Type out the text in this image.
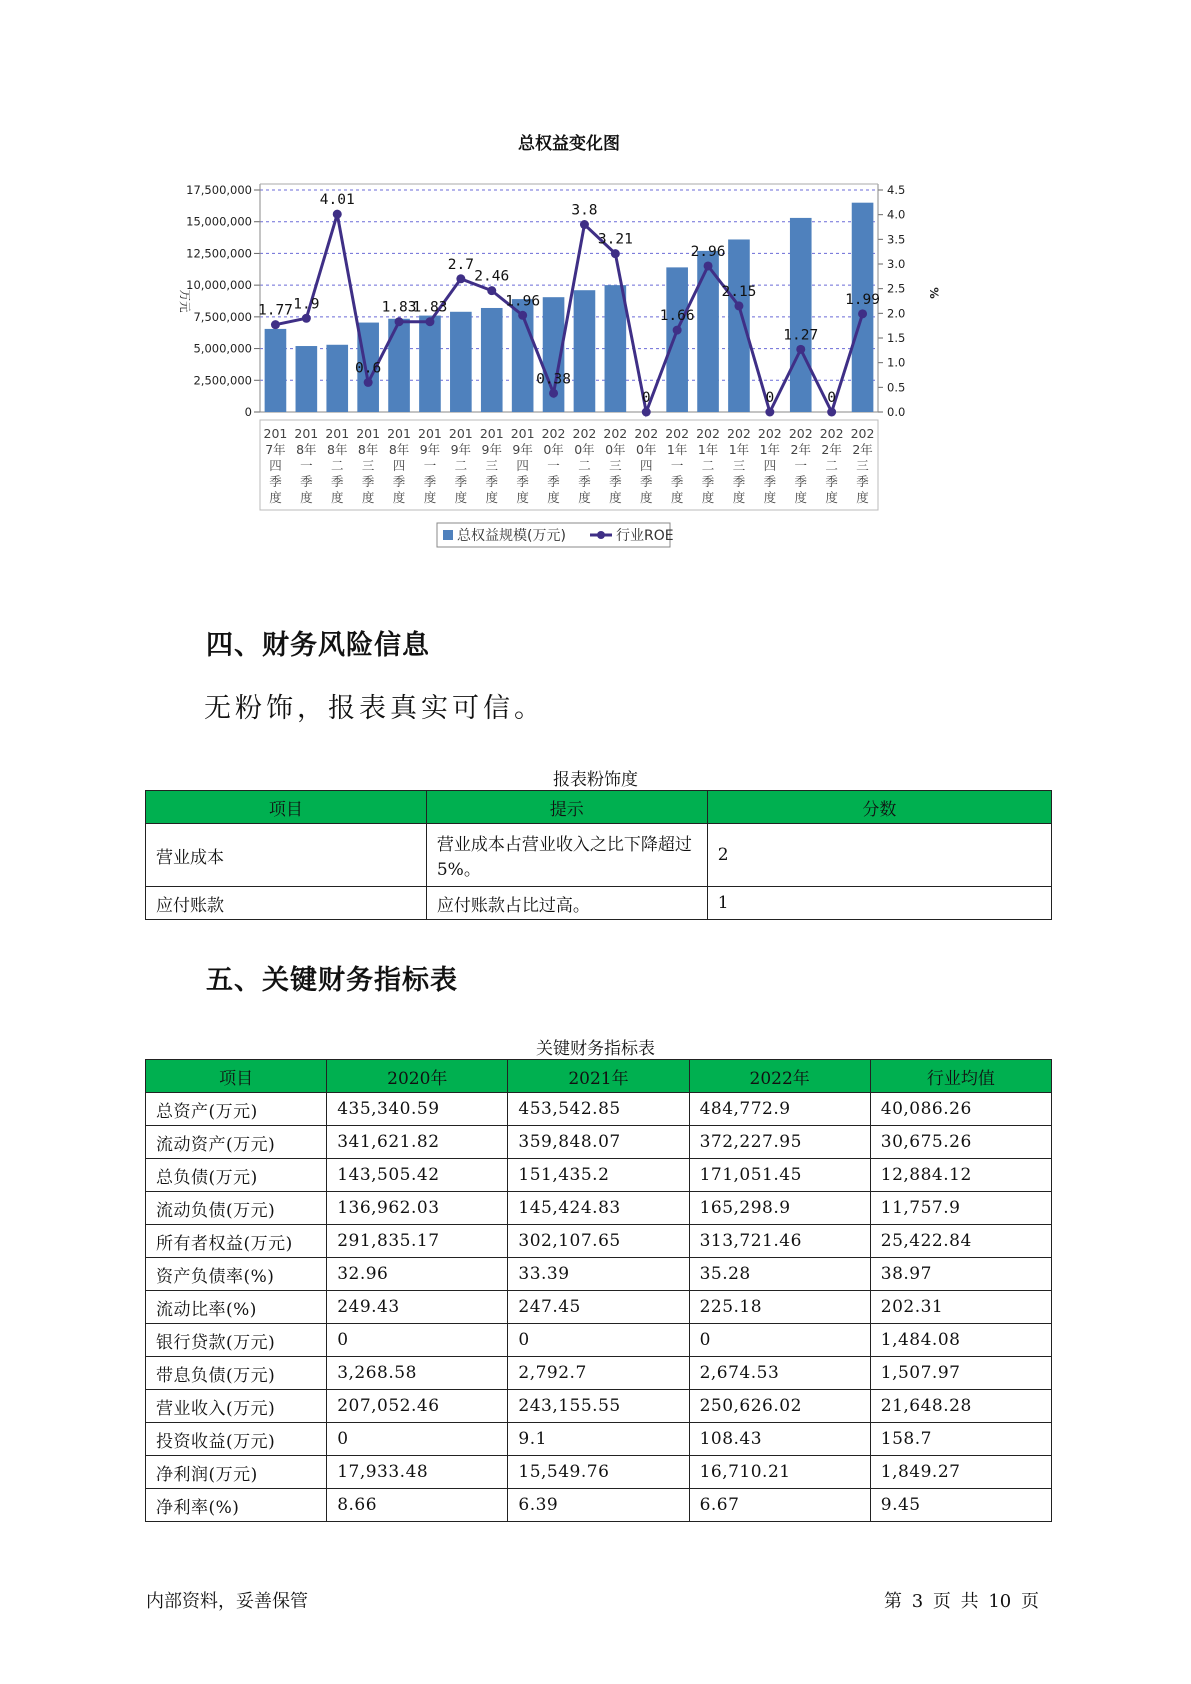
总权益变化图
0
2,500,000
5,000,000
7,500,000
10,000,000
12,500,000
15,000,000
17,500,000
0.0
0.5
1.0
1.5
2.0
2.5
3.0
3.5
4.0
4.5
万元	%
201
7年
四
季
度
201
8年
一
季
度
201
8年
二
季
度
201
8年
三
季
度
201
8年
四
季
度
201
9年
一
季
度
201
9年
二
季
度
201
9年
三
季
度
201
9年
四
季
度
202
0年
一
季
度
202
0年
二
季
度
202
0年
三
季
度
202
0年
四
季
度
202
1年
一
季
度
202
1年
二
季
度
202
1年
三
季
度
202
1年
四
季
度
202
2年
一
季
度
202
2年
二
季
度
202
2年
三
季
度
1.77 1.9
4.01
0.6
1.83
1.83
2.7
2.46
1.96
0.38
3.8
3.21
0
1.66
2.96
2.15
0
1.27
0
1.99
总权益规模(万元)	行业ROE
四、财务风险信息

无粉饰，报表真实可信。

报表粉饰度
项目	提示	分数
营业成本	营业成本占营业收入之比下降超过5%。	2
应付账款	应付账款占比过高。	1
五、关键财务指标表
关键财务指标表
项目	2020年	2021年	2022年	行业均值
总资产(万元)	435,340.59	453,542.85	484,772.9	40,086.26
流动资产(万元)	341,621.82	359,848.07	372,227.95	30,675.26
总负债(万元)	143,505.42	151,435.2	171,051.45	12,884.12
流动负债(万元)	136,962.03	145,424.83	165,298.9	11,757.9
所有者权益(万元)	291,835.17	302,107.65	313,721.46	25,422.84
资产负债率(%)	32.96	33.39	35.28	38.97
流动比率(%)	249.43	247.45	225.18	202.31
银行贷款(万元)	0	0	0	1,484.08
带息负债(万元)	3,268.58	2,792.7	2,674.53	1,507.97
营业收入(万元)	207,052.46	243,155.55	250,626.02	21,648.28
投资收益(万元)	0	9.1	108.43	158.7
净利润(万元)	17,933.48	15,549.76	16,710.21	1,849.27
净利率(%)	8.66	6.39	6.67	9.45
内部资料，妥善保管	第 3 页 共 10 页
